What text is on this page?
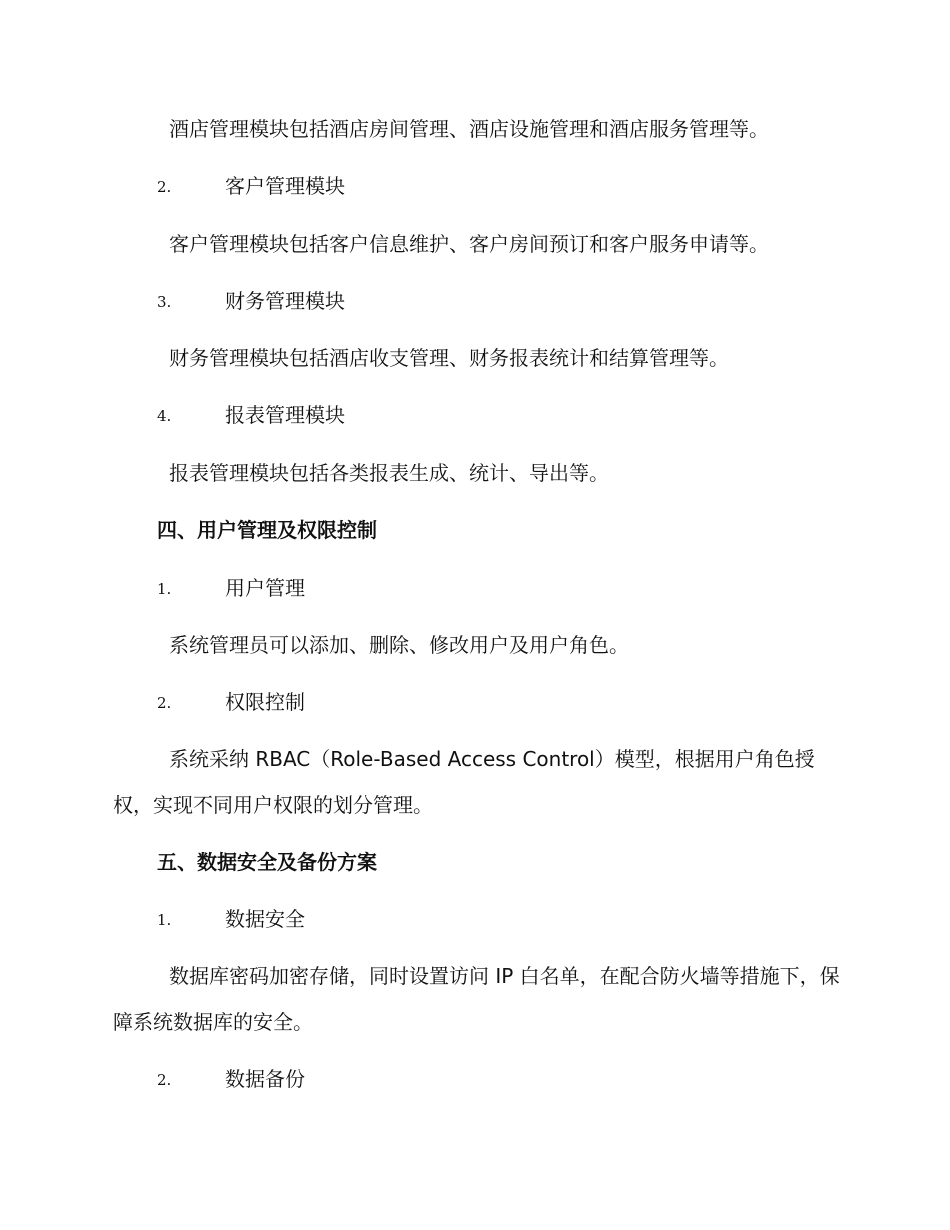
酒店管理模块包括酒店房间管理、酒店设施管理和酒店服务管理等。
2.	客户管理模块
客户管理模块包括客户信息维护、客户房间预订和客户服务申请等。
3.	财务管理模块
财务管理模块包括酒店收支管理、财务报表统计和结算管理等。
4.	报表管理模块
报表管理模块包括各类报表生成、统计、导出等。
四、用户管理及权限控制
1.	用户管理
系统管理员可以添加、删除、修改用户及用户角色。
2.	权限控制
系统采纳 RBAC（Role-Based Access Control）模型，根据用户角色授权，实现不同用户权限的划分管理。
五、数据安全及备份方案
1.	数据安全
数据库密码加密存储，同时设置访问 IP 白名单，在配合防火墙等措施下，保障系统数据库的安全。
2.	数据备份
